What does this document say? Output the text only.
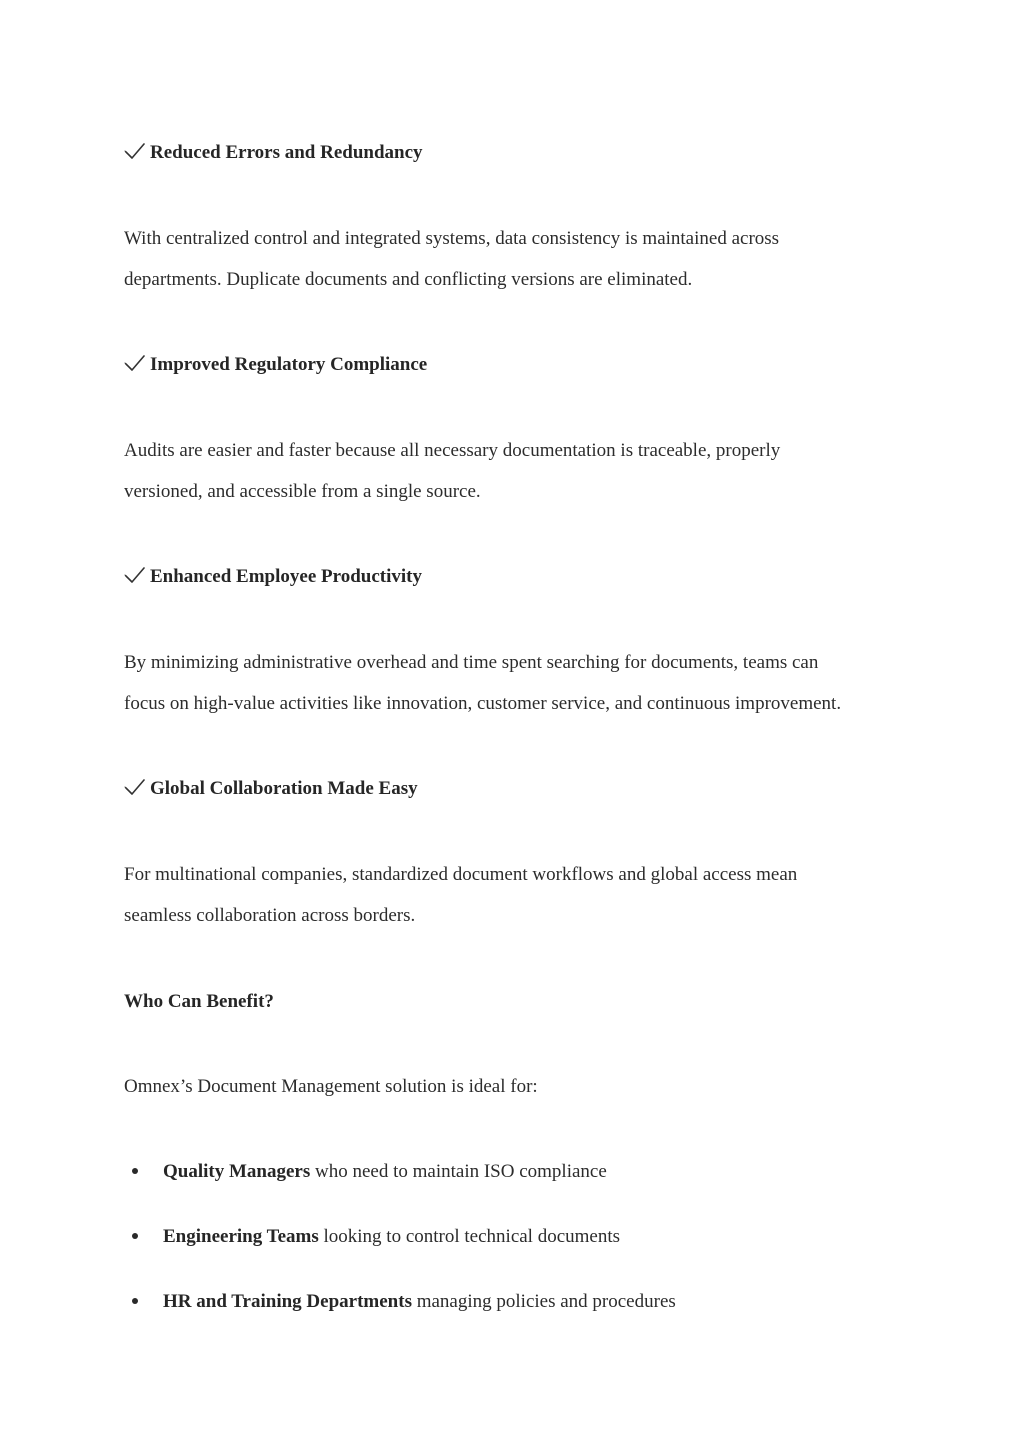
Reduced Errors and Redundancy
With centralized control and integrated systems, data consistency is maintained across
departments. Duplicate documents and conflicting versions are eliminated.
Improved Regulatory Compliance
Audits are easier and faster because all necessary documentation is traceable, properly
versioned, and accessible from a single source.
Enhanced Employee Productivity
By minimizing administrative overhead and time spent searching for documents, teams can
focus on high-value activities like innovation, customer service, and continuous improvement.
Global Collaboration Made Easy
For multinational companies, standardized document workflows and global access mean
seamless collaboration across borders.
Who Can Benefit?
Omnex’s Document Management solution is ideal for:
Quality Managers who need to maintain ISO compliance
Engineering Teams looking to control technical documents
HR and Training Departments managing policies and procedures
